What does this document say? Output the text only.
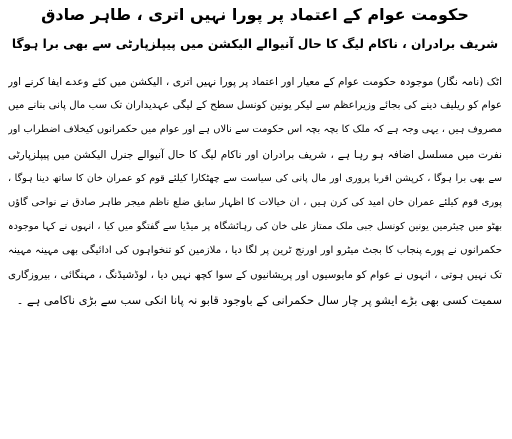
حکومت عوام کے اعتماد پر پورا نہیں اتری ، طاہر صادق
شریف برادران ، ناکام لیگ کا حال آنیوالے الیکشن میں پیپلزپارٹی سے بھی برا ہوگا
اٹک (نامہ نگار) موجودہ حکومت عوام کے معیار اور اعتماد پر پورا نہیں اتری ، الیکشن میں کئے وعدے ایفا کرنے اور
عوام کو ریلیف دینے کی بجائے وزیراعظم سے لیکر یونین کونسل سطح کے لیگی عہدیداران تک سب مال پانی بنانے میں
مصروف ہیں ، یہی وجہ ہے کہ ملک کا بچہ بچہ اس حکومت سے نالاں ہے اور عوام میں حکمرانوں کیخلاف اضطراب اور
نفرت میں مسلسل اضافہ ہو رہا ہے ، شریف برادران اور ناکام لیگ کا حال آنیوالے جنرل الیکشن میں پیپلزپارٹی
سے بھی برا ہوگا ، کرپشن اقربا پروری اور مال پانی کی سیاست سے چھٹکارا کیلئے قوم کو عمران خان کا ساتھ دینا ہوگا ،
پوری قوم کیلئے عمران خان امید کی کرن ہیں ، ان خیالات کا اظہار سابق ضلع ناظم میجر طاہر صادق نے نواحی گاؤں
بھٹو میں چیئرمین یونین کونسل جبی ملک ممتاز علی خان کی رہائشگاہ پر میڈیا سے گفتگو میں کیا ، انہوں نے کہا موجودہ
حکمرانوں نے پورے پنجاب کا بجٹ میٹرو اور اورنج ٹرین پر لگا دیا ، ملازمین کو تنخواہوں کی ادائیگی بھی مہینہ مہینہ
تک نہیں ہوتی ، انہوں نے عوام کو مایوسیوں اور پریشانیوں کے سوا کچھ نہیں دیا ، لوڈشیڈنگ ، مہنگائی ، بیروزگاری
سمیت کسی بھی بڑے ایشو پر چار سال حکمرانی کے باوجود قابو نہ پانا انکی سب سے بڑی ناکامی ہے ۔
